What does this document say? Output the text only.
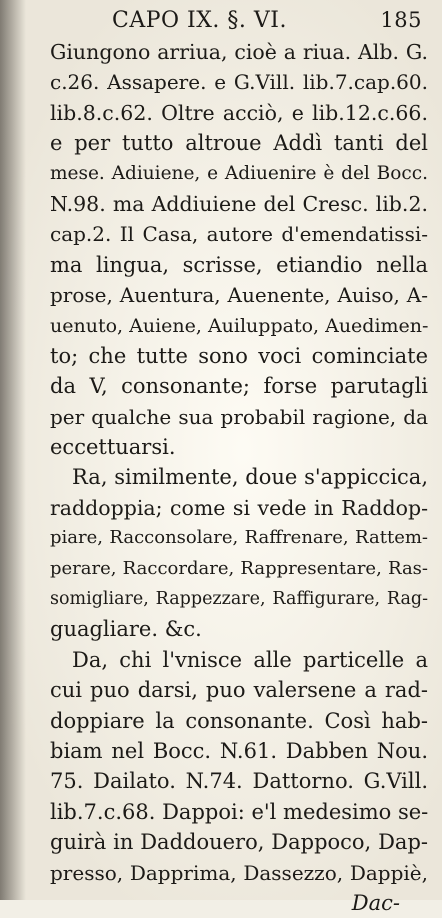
CAPO IX. §. VI.	185
Giungono arriua, cioè a riua. Alb. G.
c.26. Assapere. e G.Vill. lib.7.cap.60.
lib.8.c.62. Oltre acciò, e lib.12.c.66.
e per tutto altroue Addì tanti del
mese. Adiuiene, e Adiuenire è del Bocc.
N.98. ma Addiuiene del Cresc. lib.2.
cap.2. Il Casa, autore d'emendatissi-
ma lingua, scrisse, etiandio nella
prose, Auentura, Auenente, Auiso, A-
uenuto, Auiene, Auiluppato, Auedimen-
to; che tutte sono voci cominciate
da V, consonante; forse parutagli
per qualche sua probabil ragione, da
eccettuarsi.
Ra, similmente, doue s'appiccica,
raddoppia; come si vede in Raddop-
piare, Racconsolare, Raffrenare, Rattem-
perare, Raccordare, Rappresentare, Ras-
somigliare, Rappezzare, Raffigurare, Rag-
guagliare. &c.
Da, chi l'vnisce alle particelle a
cui puo darsi, puo valersene a rad-
doppiare la consonante. Così hab-
biam nel Bocc. N.61. Dabben Nou.
75. Dailato. N.74. Dattorno. G.Vill.
lib.7.c.68. Dappoi: e'l medesimo se-
guirà in Daddouero, Dappoco, Dap-
presso, Dapprima, Dassezzo, Dappiè,
Dac-
